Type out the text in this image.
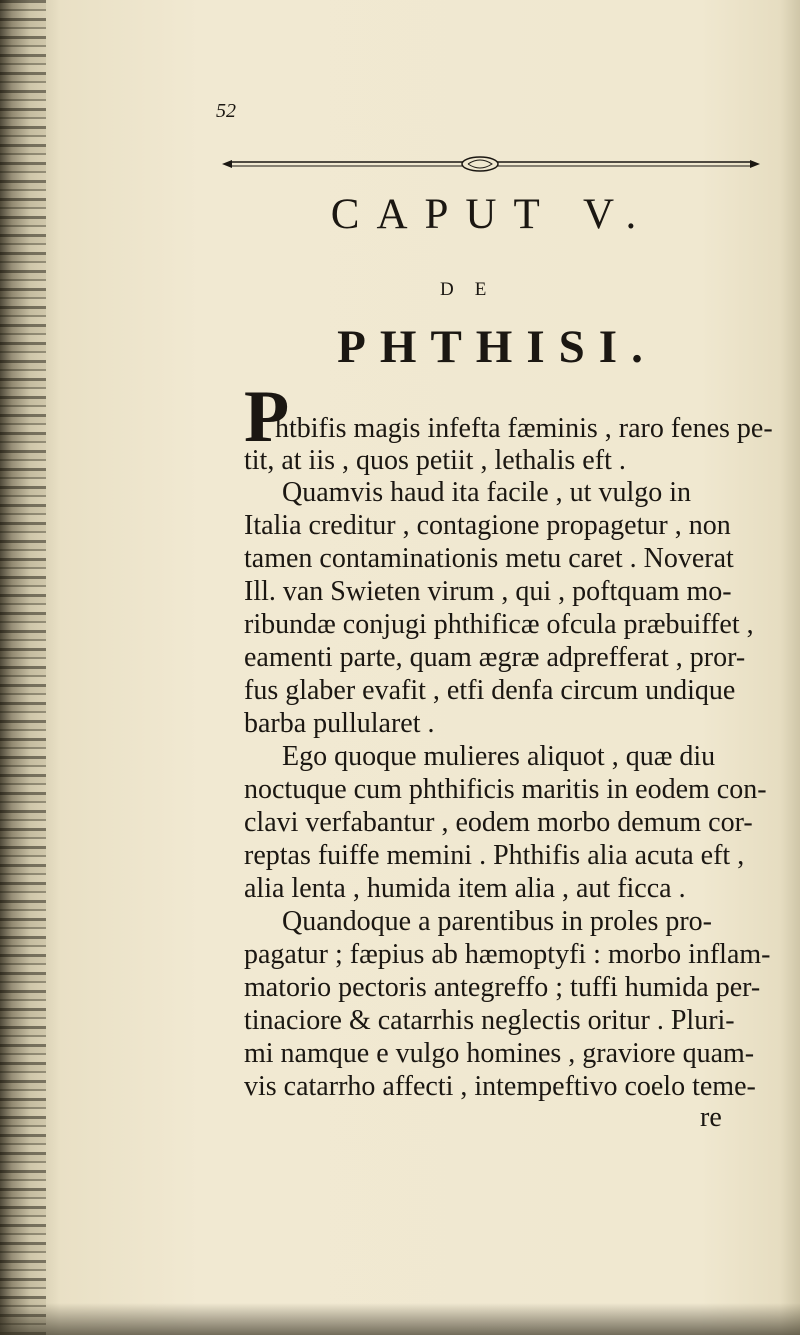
52
CAPUT V.
DE
PHTHISI.
P
htbifis magis infefta fæminis , raro fenes pe-
tit, at iis , quos petiit , lethalis eft .
Quamvis haud ita facile , ut vulgo in
Italia creditur , contagione propagetur , non
tamen contaminationis metu caret . Noverat
Ill. van Swieten virum , qui , poftquam mo-
ribundæ conjugi phthificæ ofcula præbuiffet ,
eamenti parte, quam ægræ adprefferat , pror-
fus glaber evafit , etfi denfa circum undique
barba pullularet .
Ego quoque mulieres aliquot , quæ diu
noctuque cum phthificis maritis in eodem con-
clavi verfabantur , eodem morbo demum cor-
reptas fuiffe memini . Phthifis alia acuta eft ,
alia lenta , humida item alia , aut ficca .
Quandoque a parentibus in proles pro-
pagatur ; fæpius ab hæmoptyfi : morbo inflam-
matorio pectoris antegreffo ; tuffi humida per-
tinaciore & catarrhis neglectis oritur . Pluri-
mi namque e vulgo homines , graviore quam-
vis catarrho affecti , intempeftivo coelo teme-
re
